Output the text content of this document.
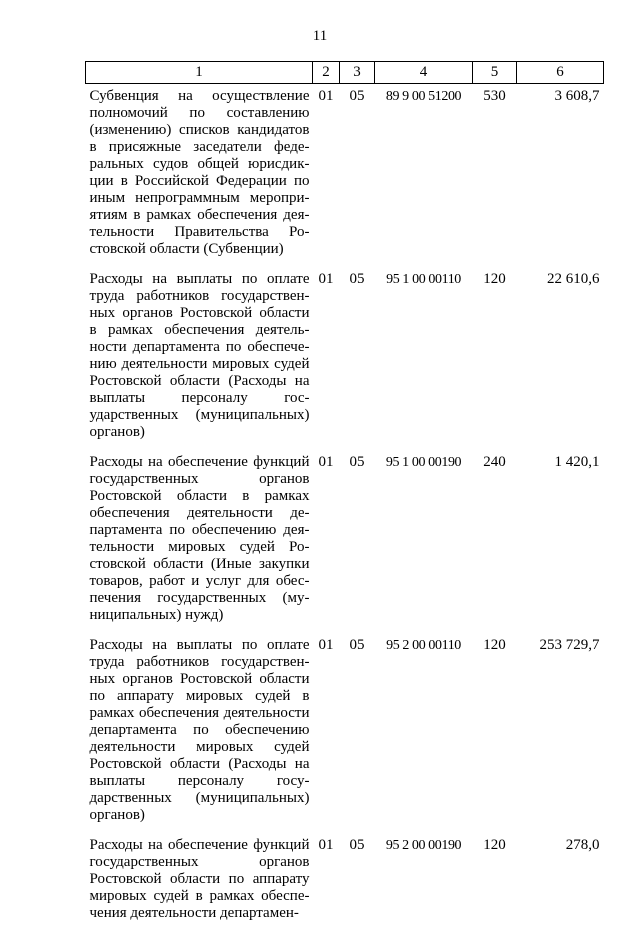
11
1	2	3	4	5	6
Субвенция на осуществление полномочий по составлению (изменению) списков кандидатов в присяжные заседатели федеральных судов общей юрисдикции в Российской Федерации по иным непрограммным мероприятиям в рамках обеспечения деятельности Правительства Ростовской области (Субвенции)	01	05	89 9 00 51200	530	3 608,7
Расходы на выплаты по оплате труда работников государственных органов Ростовской области в рамках обеспечения деятельности департамента по обеспечению деятельности мировых судей Ростовской области (Расходы на выплаты персоналу государственных (муниципальных) органов)	01	05	95 1 00 00110	120	22 610,6
Расходы на обеспечение функций государственных органов Ростовской области в рамках обеспечения деятельности департамента по обеспечению деятельности мировых судей Ростовской области (Иные закупки товаров, работ и услуг для обеспечения государственных (муниципальных) нужд)	01	05	95 1 00 00190	240	1 420,1
Расходы на выплаты по оплате труда работников государственных органов Ростовской области по аппарату мировых судей в рамках обеспечения деятельности департамента по обеспечению деятельности мировых судей Ростовской области (Расходы на выплаты персоналу государственных (муниципальных) органов)	01	05	95 2 00 00110	120	253 729,7
Расходы на обеспечение функций государственных органов Ростовской области по аппарату мировых судей в рамках обеспечения деятельности департамен-	01	05	95 2 00 00190	120	278,0
